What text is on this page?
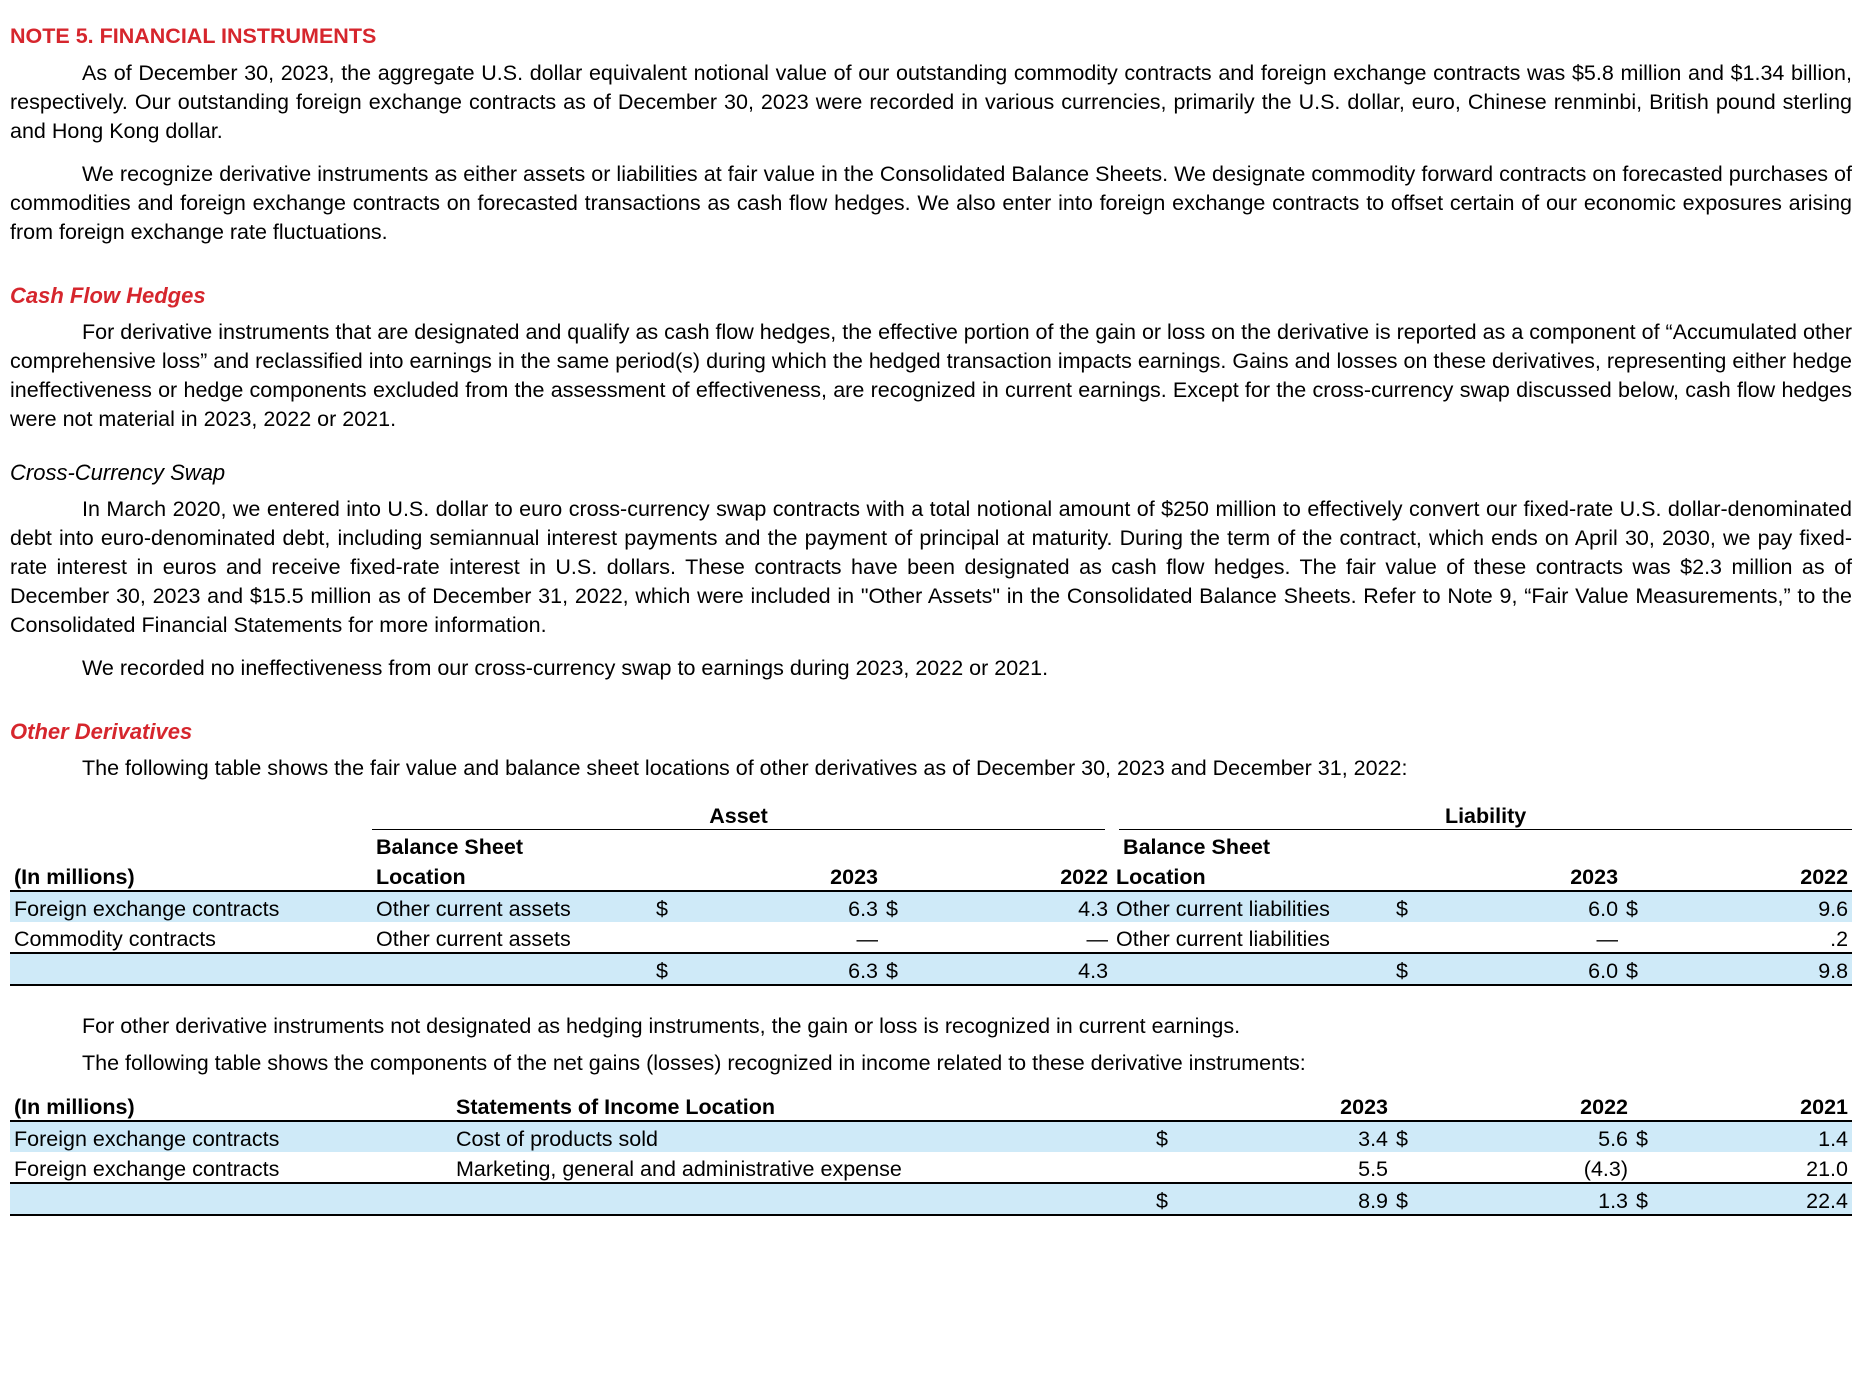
NOTE 5. FINANCIAL INSTRUMENTS

As of December 30, 2023, the aggregate U.S. dollar equivalent notional value of our outstanding commodity contracts and foreign exchange contracts was $5.8 million and $1.34 billion, respectively. Our outstanding foreign exchange contracts as of December 30, 2023 were recorded in various currencies, primarily the U.S. dollar, euro, Chinese renminbi, British pound sterling and Hong Kong dollar.

We recognize derivative instruments as either assets or liabilities at fair value in the Consolidated Balance Sheets. We designate commodity forward contracts on forecasted purchases of commodities and foreign exchange contracts on forecasted transactions as cash flow hedges. We also enter into foreign exchange contracts to offset certain of our economic exposures arising from foreign exchange rate fluctuations.

Cash Flow Hedges

For derivative instruments that are designated and qualify as cash flow hedges, the effective portion of the gain or loss on the derivative is reported as a component of “Accumulated other comprehensive loss” and reclassified into earnings in the same period(s) during which the hedged transaction impacts earnings. Gains and losses on these derivatives, representing either hedge ineffectiveness or hedge components excluded from the assessment of effectiveness, are recognized in current earnings. Except for the cross-currency swap discussed below, cash flow hedges were not material in 2023, 2022 or 2021.

Cross-Currency Swap

In March 2020, we entered into U.S. dollar to euro cross-currency swap contracts with a total notional amount of $250 million to effectively convert our fixed-rate U.S. dollar-denominated debt into euro-denominated debt, including semiannual interest payments and the payment of principal at maturity. During the term of the contract, which ends on April 30, 2030, we pay fixed-rate interest in euros and receive fixed-rate interest in U.S. dollars. These contracts have been designated as cash flow hedges. The fair value of these contracts was $2.3 million as of December 30, 2023 and $15.5 million as of December 31, 2022, which were included in "Other Assets" in the Consolidated Balance Sheets. Refer to Note 9, “Fair Value Measurements,” to the Consolidated Financial Statements for more information.

We recorded no ineffectiveness from our cross-currency swap to earnings during 2023, 2022 or 2021.

Other Derivatives

The following table shows the fair value and balance sheet locations of other derivatives as of December 30, 2023 and December 31, 2022:

	Asset					Liability				
	Balance Sheet					Balance Sheet				
(In millions)	Location		2023		2022	Location		2023		2022
Foreign exchange contracts	Other current assets	$	6.3	$	4.3	Other current liabilities	$	6.0	$	9.6
Commodity contracts	Other current assets		—		—	Other current liabilities		—		.2
		$	6.3	$	4.3		$	6.0	$	9.8

For other derivative instruments not designated as hedging instruments, the gain or loss is recognized in current earnings.

The following table shows the components of the net gains (losses) recognized in income related to these derivative instruments:

(In millions)	Statements of Income Location		2023		2022		2021
Foreign exchange contracts	Cost of products sold	$	3.4	$	5.6	$	1.4
Foreign exchange contracts	Marketing, general and administrative expense		5.5		(4.3)		21.0
		$	8.9	$	1.3	$	22.4
